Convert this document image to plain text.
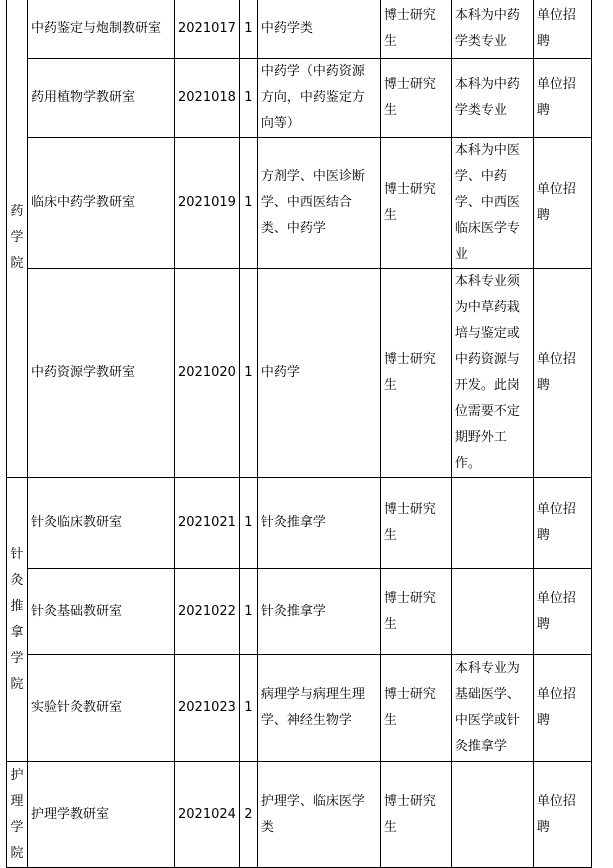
药学院	中药鉴定与炮制教研室	2021017	1	中药学类	博士研究生	本科为中药学类专业	单位招聘
	药用植物学教研室	2021018	1	中药学（中药资源方向，中药鉴定方向等）	博士研究生	本科为中药学类专业	单位招聘
	临床中药学教研室	2021019	1	方剂学、中医诊断学、中西医结合类、中药学	博士研究生	本科为中医学、中药学、中西医临床医学专业	单位招聘
	中药资源学教研室	2021020	1	中药学	博士研究生	本科专业须为中草药栽培与鉴定或中药资源与开发。此岗位需要不定期野外工作。	单位招聘
针灸推拿学院	针灸临床教研室	2021021	1	针灸推拿学	博士研究生		单位招聘
	针灸基础教研室	2021022	1	针灸推拿学	博士研究生		单位招聘
	实验针灸教研室	2021023	1	病理学与病理生理学、神经生物学	博士研究生	本科专业为基础医学、中医学或针灸推拿学	单位招聘
护理学院	护理学教研室	2021024	2	护理学、临床医学类	博士研究生		单位招聘
